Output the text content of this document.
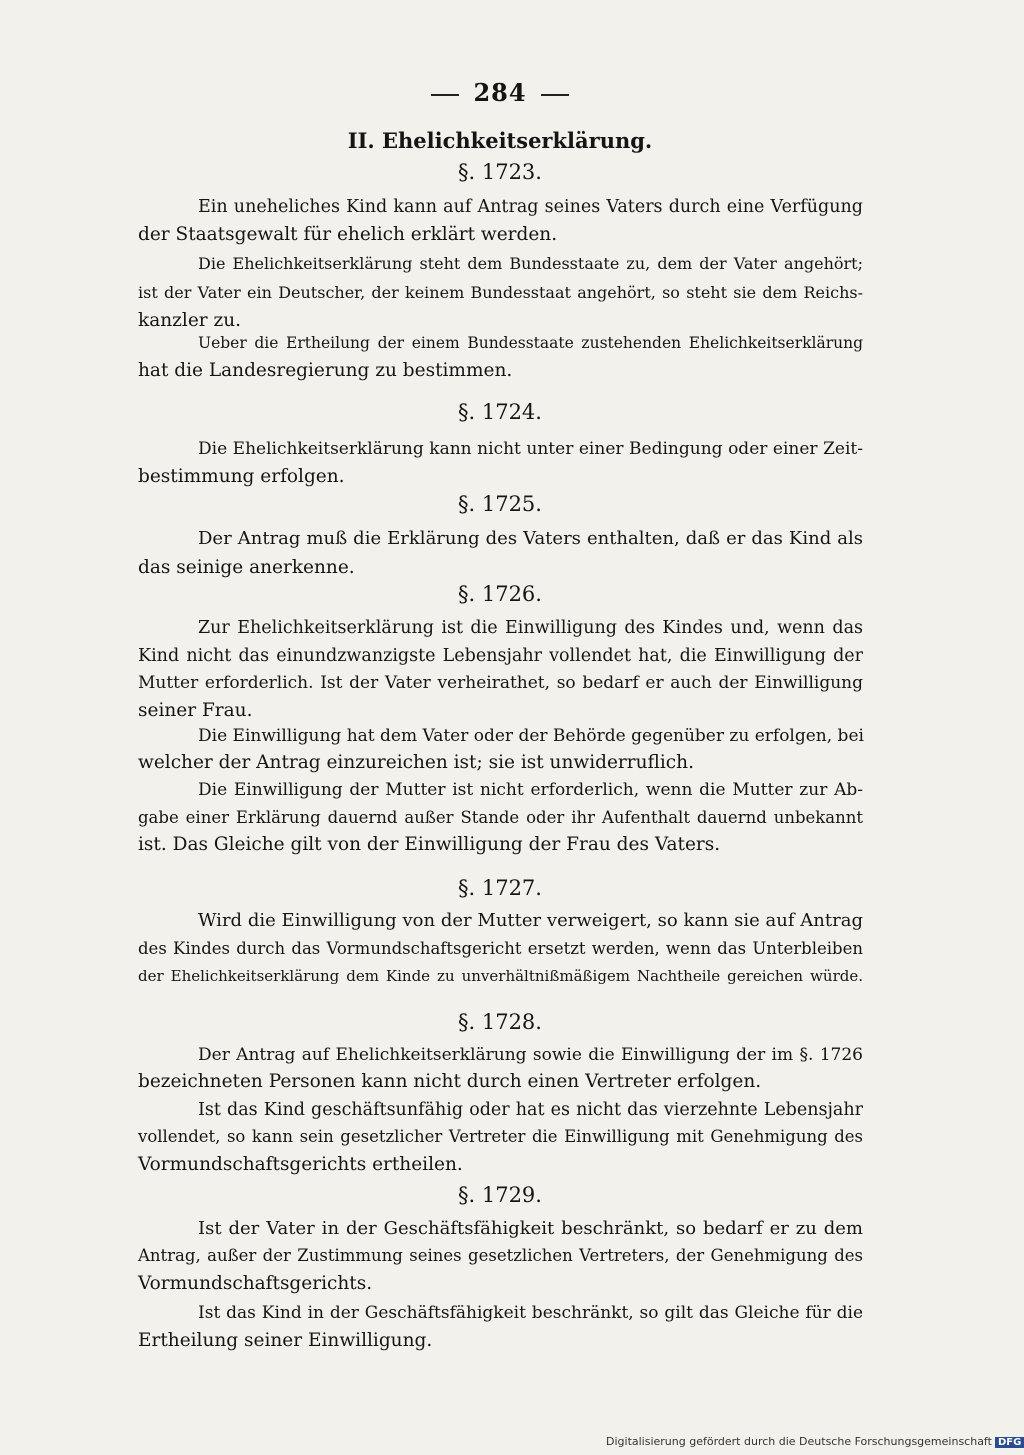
284
II. Ehelichkeitserklärung.
§. 1723.
Ein uneheliches Kind kann auf Antrag seines Vaters durch eine Verfügung
der Staatsgewalt für ehelich erklärt werden.
Die Ehelichkeitserklärung steht dem Bundesstaate zu, dem der Vater angehört;
ist der Vater ein Deutscher, der keinem Bundesstaat angehört, so steht sie dem Reichs-
kanzler zu.
Ueber die Ertheilung der einem Bundesstaate zustehenden Ehelichkeitserklärung
hat die Landesregierung zu bestimmen.
§. 1724.
Die Ehelichkeitserklärung kann nicht unter einer Bedingung oder einer Zeit-
bestimmung erfolgen.
§. 1725.
Der Antrag muß die Erklärung des Vaters enthalten, daß er das Kind als
das seinige anerkenne.
§. 1726.
Zur Ehelichkeitserklärung ist die Einwilligung des Kindes und, wenn das
Kind nicht das einundzwanzigste Lebensjahr vollendet hat, die Einwilligung der
Mutter erforderlich. Ist der Vater verheirathet, so bedarf er auch der Einwilligung
seiner Frau.
Die Einwilligung hat dem Vater oder der Behörde gegenüber zu erfolgen, bei
welcher der Antrag einzureichen ist; sie ist unwiderruflich.
Die Einwilligung der Mutter ist nicht erforderlich, wenn die Mutter zur Ab-
gabe einer Erklärung dauernd außer Stande oder ihr Aufenthalt dauernd unbekannt
ist. Das Gleiche gilt von der Einwilligung der Frau des Vaters.
§. 1727.
Wird die Einwilligung von der Mutter verweigert, so kann sie auf Antrag
des Kindes durch das Vormundschaftsgericht ersetzt werden, wenn das Unterbleiben
der Ehelichkeitserklärung dem Kinde zu unverhältnißmäßigem Nachtheile gereichen würde.
§. 1728.
Der Antrag auf Ehelichkeitserklärung sowie die Einwilligung der im §. 1726
bezeichneten Personen kann nicht durch einen Vertreter erfolgen.
Ist das Kind geschäftsunfähig oder hat es nicht das vierzehnte Lebensjahr
vollendet, so kann sein gesetzlicher Vertreter die Einwilligung mit Genehmigung des
Vormundschaftsgerichts ertheilen.
§. 1729.
Ist der Vater in der Geschäftsfähigkeit beschränkt, so bedarf er zu dem
Antrag, außer der Zustimmung seines gesetzlichen Vertreters, der Genehmigung des
Vormundschaftsgerichts.
Ist das Kind in der Geschäftsfähigkeit beschränkt, so gilt das Gleiche für die
Ertheilung seiner Einwilligung.
Digitalisierung gefördert durch die Deutsche Forschungsgemeinschaft DFG
